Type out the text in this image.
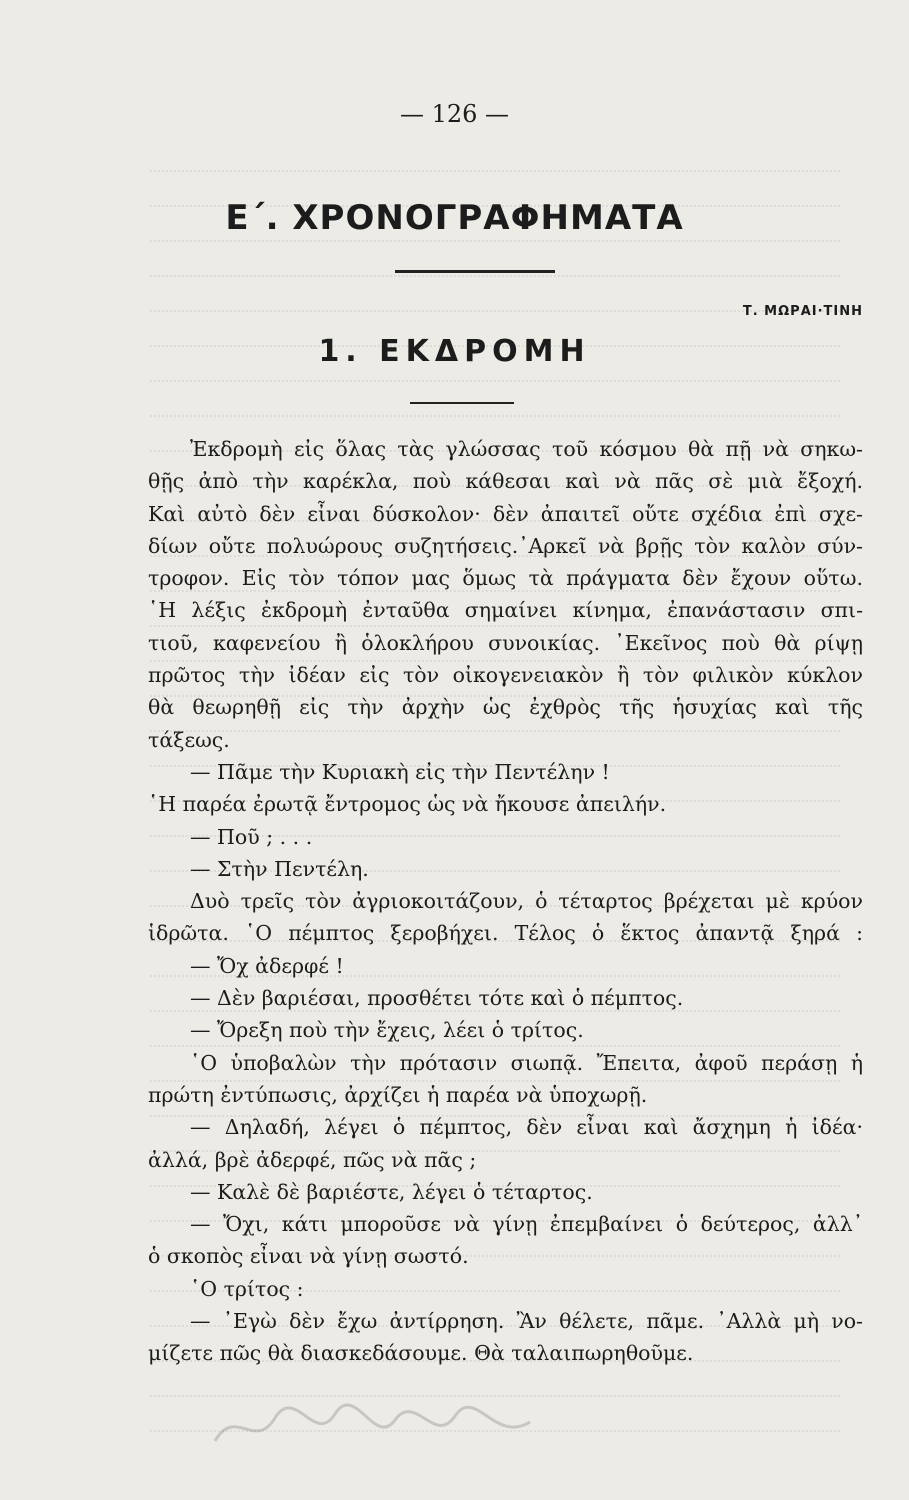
— 126 —
Ε΄. ΧΡΟΝΟΓΡΑΦΗΜΑΤΑ
Τ. ΜΩΡΑΙ·ΤΙΝΗ
1. ΕΚΔΡΟΜΗ
Ἐκδρομὴ εἰς ὅλας τὰς γλώσσας τοῦ κόσμου θὰ πῇ νὰ σηκω-
θῇς ἀπὸ τὴν καρέκλα, ποὺ κάθεσαι καὶ νὰ πᾶς σὲ μιὰ ἔξοχή.
Καὶ αὐτὸ δὲν εἶναι δύσκολον· δὲν ἀπαιτεῖ οὔτε σχέδια ἐπὶ σχε-
δίων οὔτε πολυώρους συζητήσεις.᾿Αρκεῖ νὰ βρῇς τὸν καλὸν σύν-
τροφον. Εἰς τὸν τόπον μας ὅμως τὰ πράγματα δὲν ἔχουν οὕτω.
῾Η λέξις ἐκδρομὴ ἐνταῦθα σημαίνει κίνημα, ἐπανάστασιν σπι-
τιοῦ, καφενείου ἢ ὁλοκλήρου συνοικίας. ᾿Εκεῖνος ποὺ θὰ ρίψῃ
πρῶτος τὴν ἰδέαν εἰς τὸν οἰκογενειακὸν ἢ τὸν φιλικὸν κύκλον
θὰ θεωρηθῇ εἰς τὴν ἀρχὴν ὡς ἐχθρὸς τῆς ἡσυχίας καὶ τῆς
τάξεως.
— Πᾶμε τὴν Κυριακὴ εἰς τὴν Πεντέλην !
῾Η παρέα ἐρωτᾷ ἔντρομος ὡς νὰ ἤκουσε ἀπειλήν.
— Ποῦ ; . . .
— Στὴν Πεντέλη.
Δυὸ τρεῖς τὸν ἀγριοκοιτάζουν, ὁ τέταρτος βρέχεται μὲ κρύον
ἱδρῶτα. ῾Ο πέμπτος ξεροβήχει. Τέλος ὁ ἕκτος ἀπαντᾷ ξηρά :
— Ὄχ ἀδερφέ !
— Δὲν βαριέσαι, προσθέτει τότε καὶ ὁ πέμπτος.
— Ὄρεξη ποὺ τὴν ἔχεις, λέει ὁ τρίτος.
῾Ο ὑποβαλὼν τὴν πρότασιν σιωπᾷ. Ἔπειτα, ἀφοῦ περάσῃ ἡ
πρώτη ἐντύπωσις, ἀρχίζει ἡ παρέα νὰ ὑποχωρῇ.
— Δηλαδή, λέγει ὁ πέμπτος, δὲν εἶναι καὶ ἄσχημη ἡ ἰδέα·
ἀλλά, βρὲ ἀδερφέ, πῶς νὰ πᾶς ;
— Καλὲ δὲ βαριέστε, λέγει ὁ τέταρτος.
— Ὄχι, κάτι μποροῦσε νὰ γίνῃ ἐπεμβαίνει ὁ δεύτερος, ἀλλ᾿
ὁ σκοπὸς εἶναι νὰ γίνῃ σωστό.
῾Ο τρίτος :
— ᾿Εγὼ δὲν ἔχω ἀντίρρηση. Ἂν θέλετε, πᾶμε. ᾿Αλλὰ μὴ νο-
μίζετε πῶς θὰ διασκεδάσουμε. Θὰ ταλαιπωρηθοῦμε.
